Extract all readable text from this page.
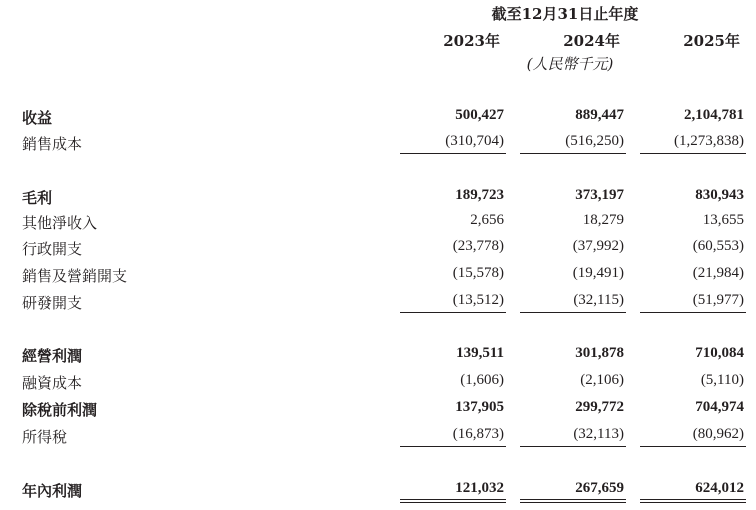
截至12月31日止年度
2023年	2024年	2025年
(人民幣千元)
收益	500,427	889,447	2,104,781
銷售成本	(310,704)	(516,250)	(1,273,838)
毛利	189,723	373,197	830,943
其他淨收入	2,656	18,279	13,655
行政開支	(23,778)	(37,992)	(60,553)
銷售及營銷開支	(15,578)	(19,491)	(21,984)
研發開支	(13,512)	(32,115)	(51,977)
經營利潤	139,511	301,878	710,084
融資成本	(1,606)	(2,106)	(5,110)
除稅前利潤	137,905	299,772	704,974
所得稅	(16,873)	(32,113)	(80,962)
年內利潤	121,032	267,659	624,012
